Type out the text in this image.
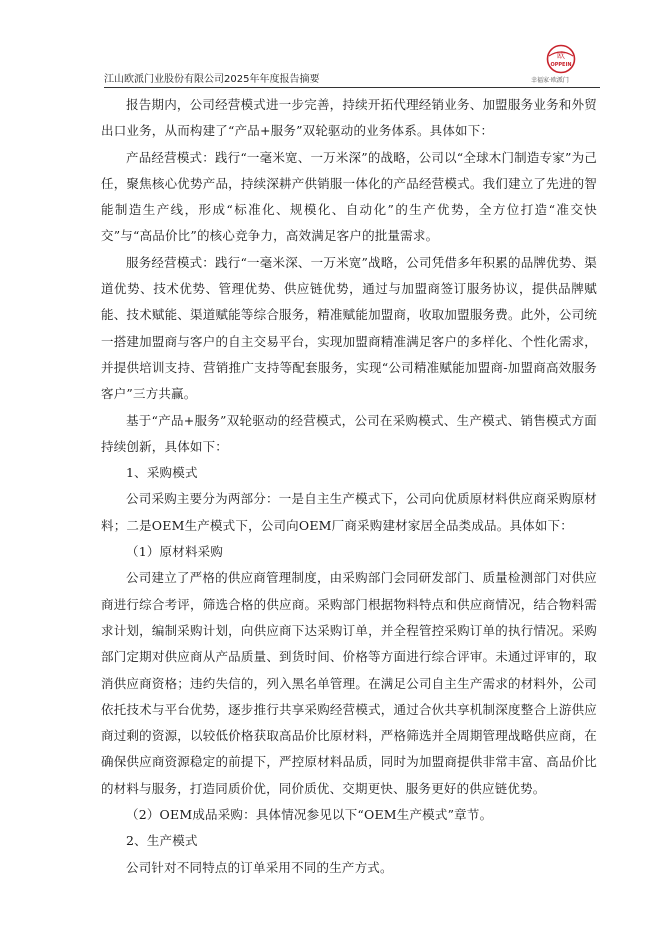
欧
OPPEIN
幸福家·欧派门
江山欧派门业股份有限公司2025年年度报告摘要

报告期内，公司经营模式进一步完善，持续开拓代理经销业务、加盟服务业务和外贸出口业务，从而构建了“产品+服务”双轮驱动的业务体系。具体如下：

产品经营模式：践行“一毫米宽、一万米深”的战略，公司以“全球木门制造专家”为己任，聚焦核心优势产品，持续深耕产供销服一体化的产品经营模式。我们建立了先进的智能制造生产线，形成“标准化、规模化、自动化”的生产优势，全方位打造“准交快交”与“高品价比”的核心竞争力，高效满足客户的批量需求。

服务经营模式：践行“一毫米深、一万米宽”战略，公司凭借多年积累的品牌优势、渠道优势、技术优势、管理优势、供应链优势，通过与加盟商签订服务协议，提供品牌赋能、技术赋能、渠道赋能等综合服务，精准赋能加盟商，收取加盟服务费。此外，公司统一搭建加盟商与客户的自主交易平台，实现加盟商精准满足客户的多样化、个性化需求，并提供培训支持、营销推广支持等配套服务，实现“公司精准赋能加盟商-加盟商高效服务客户”三方共赢。

基于“产品+服务”双轮驱动的经营模式，公司在采购模式、生产模式、销售模式方面持续创新，具体如下：

1、采购模式

公司采购主要分为两部分：一是自主生产模式下，公司向优质原材料供应商采购原材料；二是OEM生产模式下，公司向OEM厂商采购建材家居全品类成品。具体如下：

（1）原材料采购

公司建立了严格的供应商管理制度，由采购部门会同研发部门、质量检测部门对供应商进行综合考评，筛选合格的供应商。采购部门根据物料特点和供应商情况，结合物料需求计划，编制采购计划，向供应商下达采购订单，并全程管控采购订单的执行情况。采购部门定期对供应商从产品质量、到货时间、价格等方面进行综合评审。未通过评审的，取消供应商资格；违约失信的，列入黑名单管理。在满足公司自主生产需求的材料外，公司依托技术与平台优势，逐步推行共享采购经营模式，通过合伙共享机制深度整合上游供应商过剩的资源，以较低价格获取高品价比原材料，严格筛选并全周期管理战略供应商，在确保供应商资源稳定的前提下，严控原材料品质，同时为加盟商提供非常丰富、高品价比的材料与服务，打造同质价优，同价质优、交期更快、服务更好的供应链优势。

（2）OEM成品采购：具体情况参见以下“OEM生产模式”章节。

2、生产模式

公司针对不同特点的订单采用不同的生产方式。
